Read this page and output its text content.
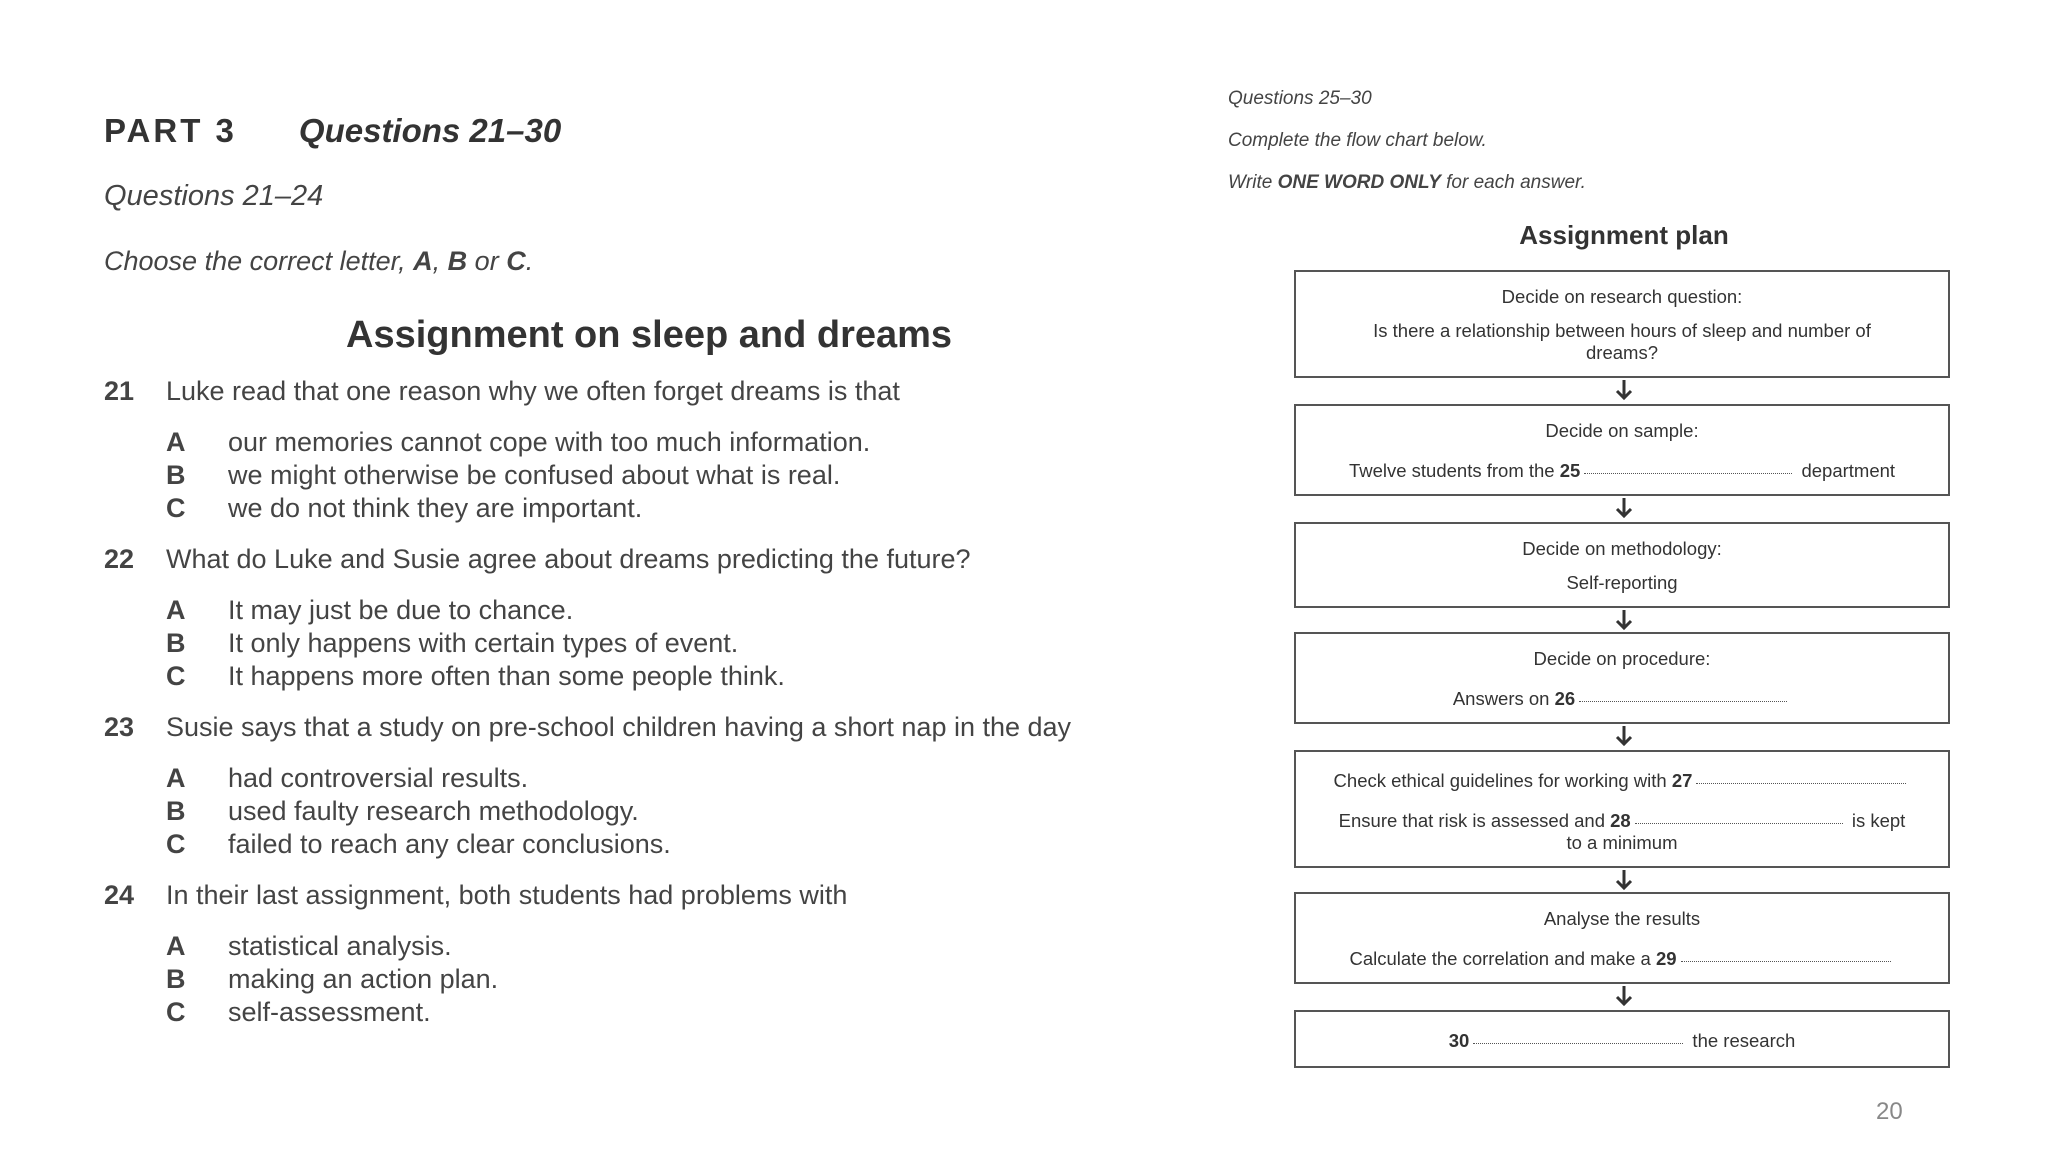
PART 3 Questions 21–30
Questions 21–24
Choose the correct letter, A, B or C.
Assignment on sleep and dreams
21 Luke read that one reason why we often forget dreams is that
A our memories cannot cope with too much information.
B we might otherwise be confused about what is real.
C we do not think they are important.
22 What do Luke and Susie agree about dreams predicting the future?
A It may just be due to chance.
B It only happens with certain types of event.
C It happens more often than some people think.
23 Susie says that a study on pre-school children having a short nap in the day
A had controversial results.
B used faulty research methodology.
C failed to reach any clear conclusions.
24 In their last assignment, both students had problems with
A statistical analysis.
B making an action plan.
C self-assessment.
Questions 25–30
Complete the flow chart below.
Write ONE WORD ONLY for each answer.
Assignment plan
Decide on research question:
Is there a relationship between hours of sleep and number of
dreams?
Decide on sample:
Twelve students from the 25	department
Decide on methodology:
Self-reporting
Decide on procedure:
Answers on 26
Check ethical guidelines for working with 27
Ensure that risk is assessed and 28	is kept
to a minimum
Analyse the results
Calculate the correlation and make a 29
30	the research
20
